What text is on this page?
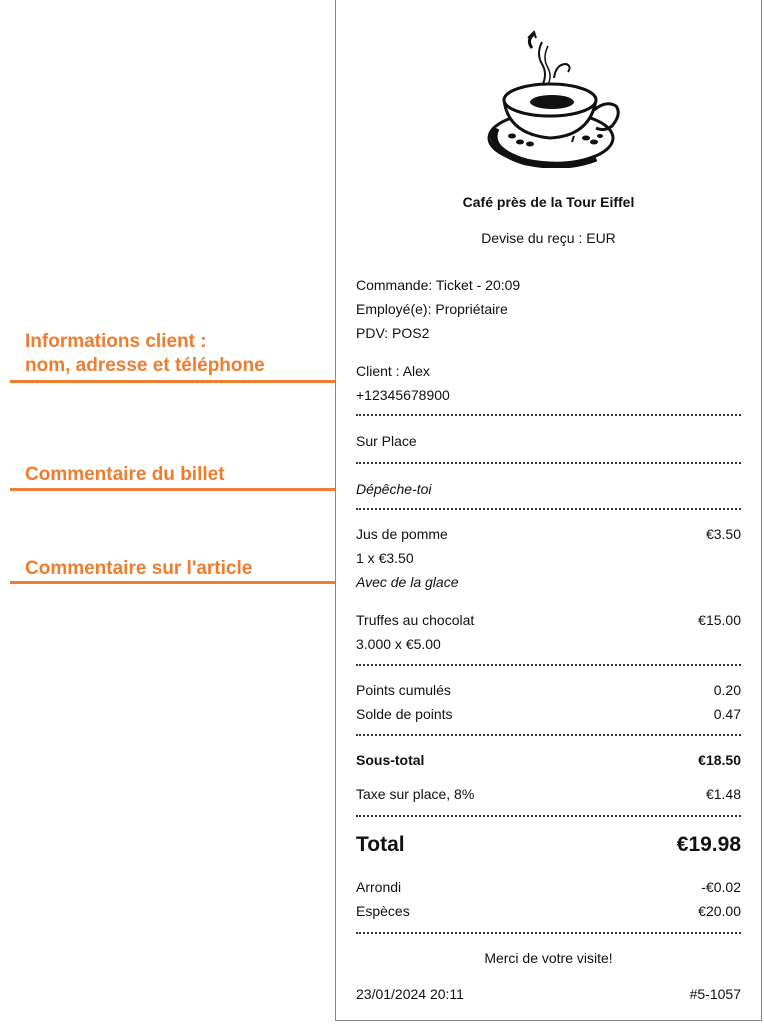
Informations client :
nom, adresse et téléphone
Commentaire du billet
Commentaire sur l'article
Café près de la Tour Eiffel
Devise du reçu : EUR
Commande: Ticket - 20:09
Employé(e): Propriétaire
PDV: POS2
Client : Alex
+12345678900
Sur Place
Dépêche-toi
Jus de pomme	€3.50
1 x €3.50
Avec de la glace
Truffes au chocolat	€15.00
3.000 x €5.00
Points cumulés	0.20
Solde de points	0.47
Sous-total	€18.50
Taxe sur place, 8%	€1.48
Total	€19.98
Arrondi	-€0.02
Espèces	€20.00
Merci de votre visite!
23/01/2024 20:11	#5-1057
